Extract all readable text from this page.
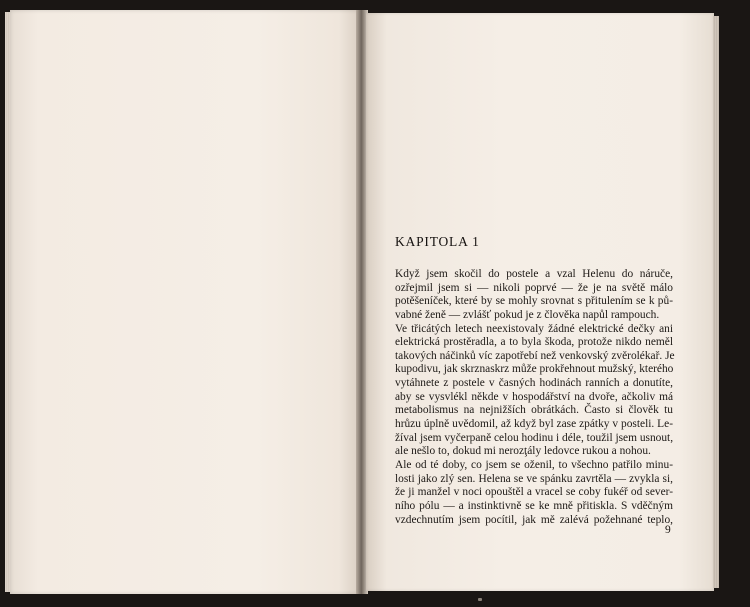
KAPITOLA 1
Když jsem skočil do postele a vzal Helenu do náruče,
ozřejmil jsem si — nikoli poprvé — že je na světě málo
potěšeníček, které by se mohly srovnat s přitulením se k pů-
vabné ženě — zvlášť pokud je z člověka napůl rampouch.
Ve třicátých letech neexistovaly žádné elektrické dečky ani
elektrická prostěradla, a to byla škoda, protože nikdo neměl
takových náčinků víc zapotřebí než venkovský zvěrolékař. Je
kupodivu, jak skrznaskrz může prokřehnout mužský, kterého
vytáhnete z postele v časných hodinách ranních a donutíte,
aby se vysvlékl někde v hospodářství na dvoře, ačkoliv má
metabolismus na nejnižších obrátkách. Často si člověk tu
hrůzu úplně uvědomil, až když byl zase zpátky v posteli. Le-
žíval jsem vyčerpaně celou hodinu i déle, toužil jsem usnout,
ale nešlo to, dokud mi nerozţály ledovce rukou a nohou.
Ale od té doby, co jsem se oženil, to všechno patřilo minu-
losti jako zlý sen. Helena se ve spánku zavrtěla — zvykla si,
že ji manžel v noci opouštěl a vracel se coby fukéř od sever-
ního pólu — a instinktivně se ke mně přitiskla. S vděčným
vzdechnutím jsem pocítil, jak mě zalévá požehnané teplo,
9
